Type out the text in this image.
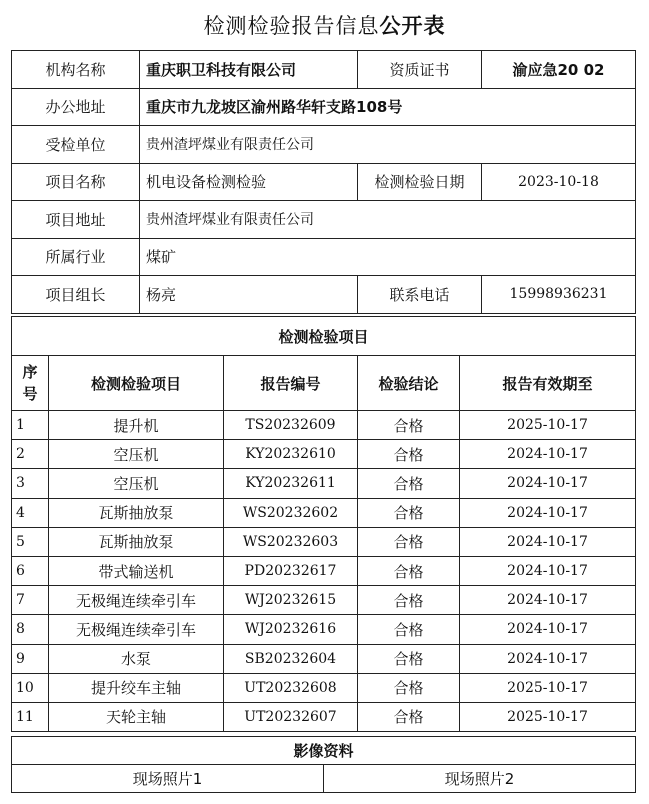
检测检验报告信息公开表
机构名称	重庆职卫科技有限公司	资质证书	渝应急20 02
办公地址	重庆市九龙坡区渝州路华轩支路108号		
受检单位	贵州渣坪煤业有限责任公司		
项目名称	机电设备检测检验	检测检验日期	2023-10-18
项目地址	贵州渣坪煤业有限责任公司		
所属行业	煤矿		
项目组长	杨亮	联系电话	15998936231
检测检验项目				
序号	检测检验项目	报告编号	检验结论	报告有效期至
1	提升机	TS20232609	合格	2025-10-17
2	空压机	KY20232610	合格	2024-10-17
3	空压机	KY20232611	合格	2024-10-17
4	瓦斯抽放泵	WS20232602	合格	2024-10-17
5	瓦斯抽放泵	WS20232603	合格	2024-10-17
6	带式输送机	PD20232617	合格	2024-10-17
7	无极绳连续牵引车	WJ20232615	合格	2024-10-17
8	无极绳连续牵引车	WJ20232616	合格	2024-10-17
9	水泵	SB20232604	合格	2024-10-17
10	提升绞车主轴	UT20232608	合格	2025-10-17
11	天轮主轴	UT20232607	合格	2025-10-17
影像资料
现场照片1	现场照片2
